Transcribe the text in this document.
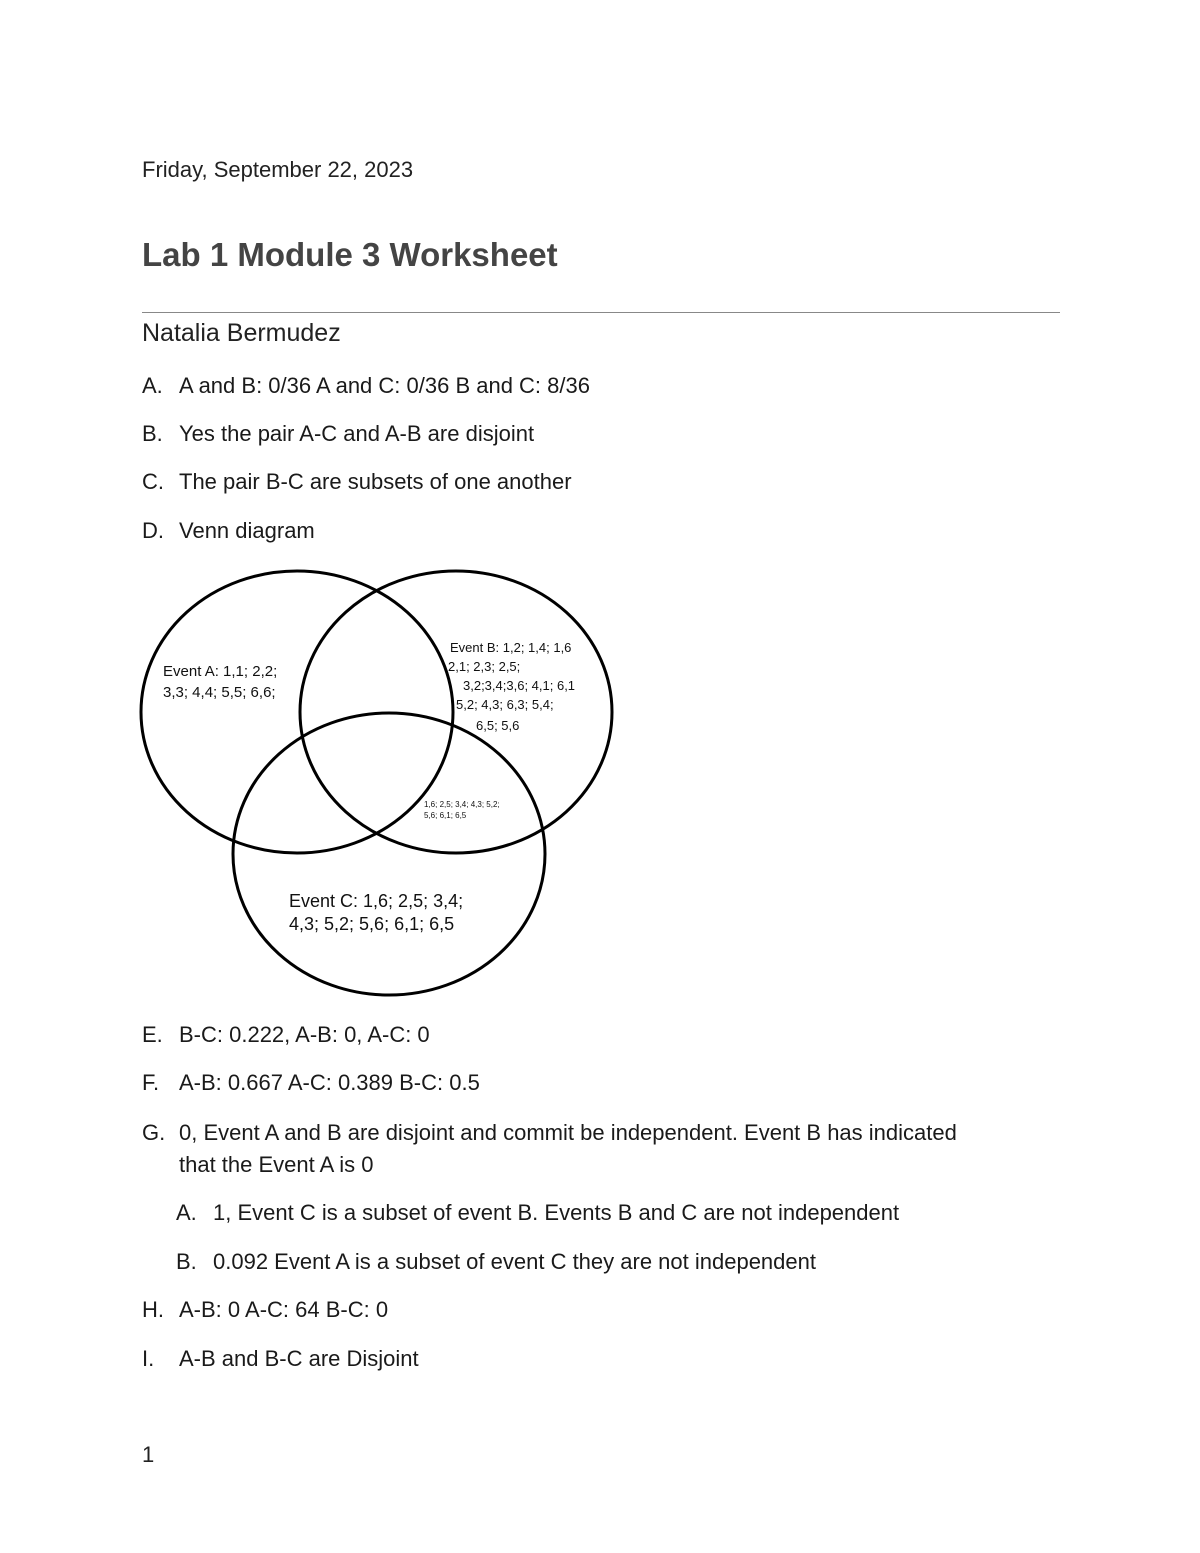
Friday, September 22, 2023
Lab 1 Module 3 Worksheet
Natalia Bermudez
A. A and B: 0/36 A and C: 0/36 B and C: 8/36
B. Yes the pair A-C and A-B are disjoint
C. The pair B-C are subsets of one another
D. Venn diagram
Event A: 1,1; 2,2;
3,3; 4,4; 5,5; 6,6;
Event B: 1,2; 1,4; 1,6
2,1; 2,3; 2,5;
3,2;3,4;3,6; 4,1; 6,1
5,2; 4,3; 6,3; 5,4;
6,5; 5,6
1,6; 2,5; 3,4; 4,3; 5,2;
5,6; 6,1; 6,5
Event C: 1,6; 2,5; 3,4;
4,3; 5,2; 5,6; 6,1; 6,5
E. B-C: 0.222, A-B: 0, A-C: 0
F. A-B: 0.667 A-C: 0.389 B-C: 0.5
G. 0, Event A and B are disjoint and commit be independent. Event B has indicated
that the Event A is 0
A. 1, Event C is a subset of event B. Events B and C are not independent
B. 0.092 Event A is a subset of event C they are not independent
H. A-B: 0 A-C: 64 B-C: 0
I. A-B and B-C are Disjoint
1
